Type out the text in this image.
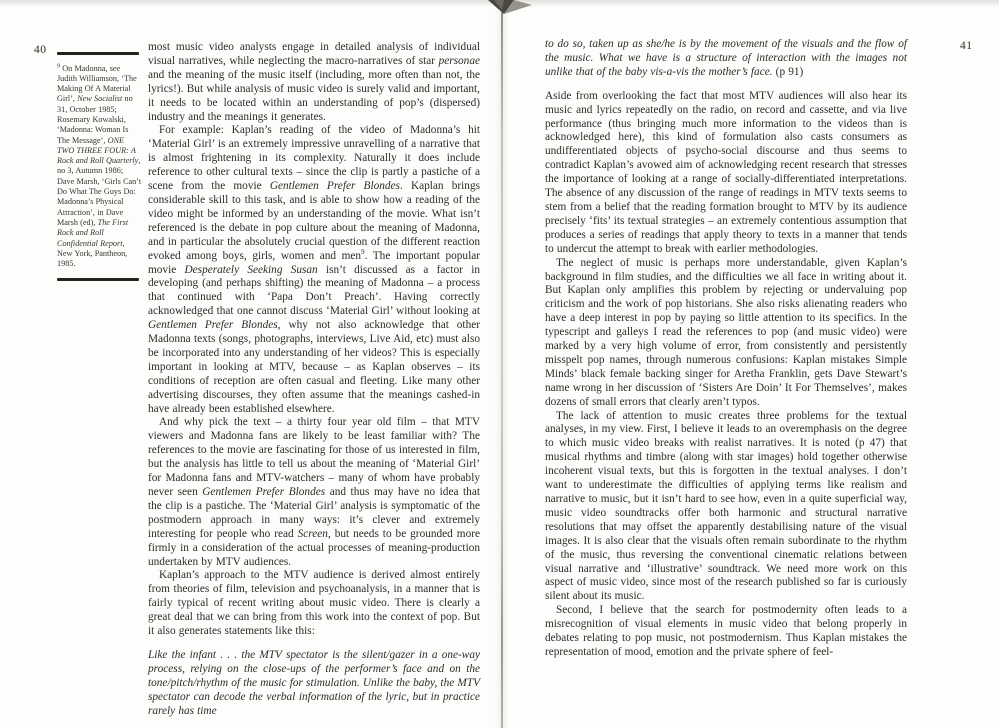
40
$^9$ On Madonna, see Judith Williamson, ‘The Making Of A Material Girl’, New Socialist no 31, October 1985; Rosemary Kowalski, ‘Madonna: Woman Is The Message’, ONE TWO THREE FOUR: A Rock and Roll Quarterly, no 3, Autumn 1986; Dave Marsh, ‘Girls Can’t Do What The Guys Do: Madonna’s Physical Attraction’, in Dave Marsh (ed), The First Rock and Roll Confidential Report, New York, Pantheon, 1985.

most music video analysts engage in detailed analysis of individual visual narratives, while neglecting the macro-narratives of star personae and the meaning of the music itself (including, more often than not, the lyrics!). But while analysis of music video is surely valid and important, it needs to be located within an understanding of pop’s (dispersed) industry and the meanings it generates.

For example: Kaplan’s reading of the video of Madonna’s hit ‘Material Girl’ is an extremely impressive unravelling of a narrative that is almost frightening in its complexity. Naturally it does include reference to other cultural texts – since the clip is partly a pastiche of a scene from the movie Gentlemen Prefer Blondes. Kaplan brings considerable skill to this task, and is able to show how a reading of the video might be informed by an understanding of the movie. What isn’t referenced is the debate in pop culture about the meaning of Madonna, and in particular the absolutely crucial question of the different reaction evoked among boys, girls, women and men$^9$. The important popular movie Desperately Seeking Susan isn’t discussed as a factor in developing (and perhaps shifting) the meaning of Madonna – a process that continued with ‘Papa Don’t Preach’. Having correctly acknowledged that one cannot discuss ‘Material Girl’ without looking at Gentlemen Prefer Blondes, why not also acknowledge that other Madonna texts (songs, photographs, interviews, Live Aid, etc) must also be incorporated into any understanding of her videos? This is especially important in looking at MTV, because – as Kaplan observes – its conditions of reception are often casual and fleeting. Like many other advertising discourses, they often assume that the meanings cashed-in have already been established elsewhere.

And why pick the text – a thirty four year old film – that MTV viewers and Madonna fans are likely to be least familiar with? The references to the movie are fascinating for those of us interested in film, but the analysis has little to tell us about the meaning of ‘Material Girl’ for Madonna fans and MTV-watchers – many of whom have probably never seen Gentlemen Prefer Blondes and thus may have no idea that the clip is a pastiche. The ‘Material Girl’ analysis is symptomatic of the postmodern approach in many ways: it’s clever and extremely interesting for people who read Screen, but needs to be grounded more firmly in a consideration of the actual processes of meaning-production undertaken by MTV audiences.

Kaplan’s approach to the MTV audience is derived almost entirely from theories of film, television and psychoanalysis, in a manner that is fairly typical of recent writing about music video. There is clearly a great deal that we can bring from this work into the context of pop. But it also generates statements like this:

Like the infant . . . the MTV spectator is the silent/gazer in a one-way process, relying on the close-ups of the performer’s face and on the tone/pitch/rhythm of the music for stimulation. Unlike the baby, the MTV spectator can decode the verbal information of the lyric, but in practice rarely has time

to do so, taken up as she/he is by the movement of the visuals and the flow of the music. What we have is a structure of interaction with the images not unlike that of the baby vis-a-vis the mother’s face. (p 91)

Aside from overlooking the fact that most MTV audiences will also hear its music and lyrics repeatedly on the radio, on record and cassette, and via live performance (thus bringing much more information to the videos than is acknowledged here), this kind of formulation also casts consumers as undifferentiated objects of psycho-social discourse and thus seems to contradict Kaplan’s avowed aim of acknowledging recent research that stresses the importance of looking at a range of socially-differentiated interpretations. The absence of any discussion of the range of readings in MTV texts seems to stem from a belief that the reading formation brought to MTV by its audience precisely ‘fits’ its textual strategies – an extremely contentious assumption that produces a series of readings that apply theory to texts in a manner that tends to undercut the attempt to break with earlier methodologies.

The neglect of music is perhaps more understandable, given Kaplan’s background in film studies, and the difficulties we all face in writing about it. But Kaplan only amplifies this problem by rejecting or undervaluing pop criticism and the work of pop historians. She also risks alienating readers who have a deep interest in pop by paying so little attention to its specifics. In the typescript and galleys I read the references to pop (and music video) were marked by a very high volume of error, from consistently and persistently misspelt pop names, through numerous confusions: Kaplan mistakes Simple Minds’ black female backing singer for Aretha Franklin, gets Dave Stewart’s name wrong in her discussion of ‘Sisters Are Doin’ It For Themselves’, makes dozens of small errors that clearly aren’t typos.

The lack of attention to music creates three problems for the textual analyses, in my view. First, I believe it leads to an overemphasis on the degree to which music video breaks with realist narratives. It is noted (p 47) that musical rhythms and timbre (along with star images) hold together otherwise incoherent visual texts, but this is forgotten in the textual analyses. I don’t want to underestimate the difficulties of applying terms like realism and narrative to music, but it isn’t hard to see how, even in a quite superficial way, music video soundtracks offer both harmonic and structural narrative resolutions that may offset the apparently destabilising nature of the visual images. It is also clear that the visuals often remain subordinate to the rhythm of the music, thus reversing the conventional cinematic relations between visual narrative and ‘illustrative’ soundtrack. We need more work on this aspect of music video, since most of the research published so far is curiously silent about its music.

Second, I believe that the search for postmodernity often leads to a misrecognition of visual elements in music video that belong properly in debates relating to pop music, not postmodernism. Thus Kaplan mistakes the representation of mood, emotion and the private sphere of feel-

41
